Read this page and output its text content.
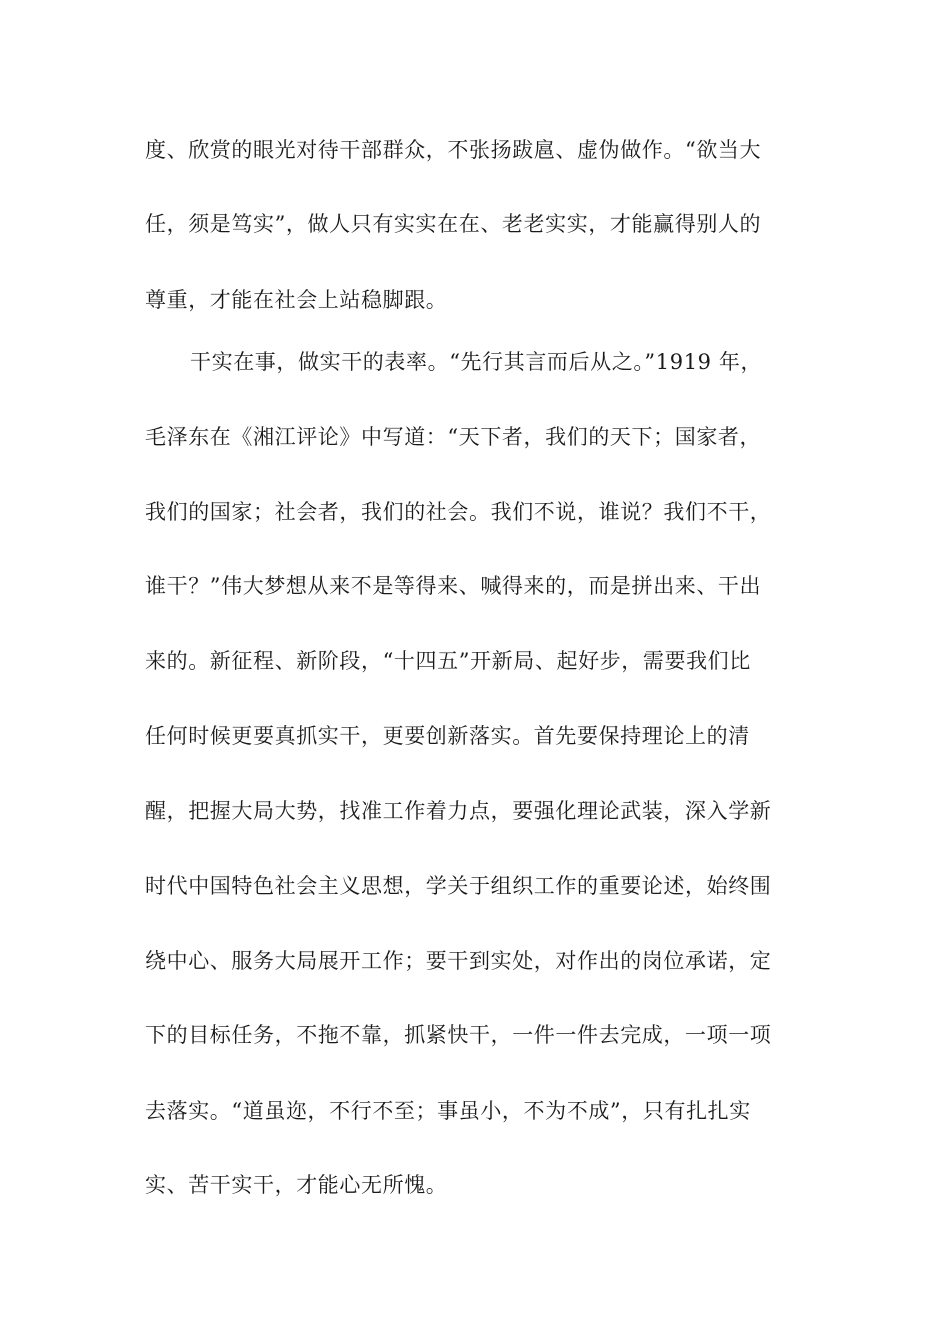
度、欣赏的眼光对待干部群众，不张扬跋扈、虚伪做作。“欲当大
任，须是笃实”，做人只有实实在在、老老实实，才能赢得别人的
尊重，才能在社会上站稳脚跟。
干实在事，做实干的表率。“先行其言而后从之。”1919 年，
毛泽东在《湘江评论》中写道：“天下者，我们的天下；国家者，
我们的国家；社会者，我们的社会。我们不说，谁说？我们不干，
谁干？”伟大梦想从来不是等得来、喊得来的，而是拼出来、干出
来的。新征程、新阶段，“十四五”开新局、起好步，需要我们比
任何时候更要真抓实干，更要创新落实。首先要保持理论上的清
醒，把握大局大势，找准工作着力点，要强化理论武装，深入学新
时代中国特色社会主义思想，学关于组织工作的重要论述，始终围
绕中心、服务大局展开工作；要干到实处，对作出的岗位承诺，定
下的目标任务，不拖不靠，抓紧快干，一件一件去完成，一项一项
去落实。“道虽迩，不行不至；事虽小，不为不成”，只有扎扎实
实、苦干实干，才能心无所愧。
